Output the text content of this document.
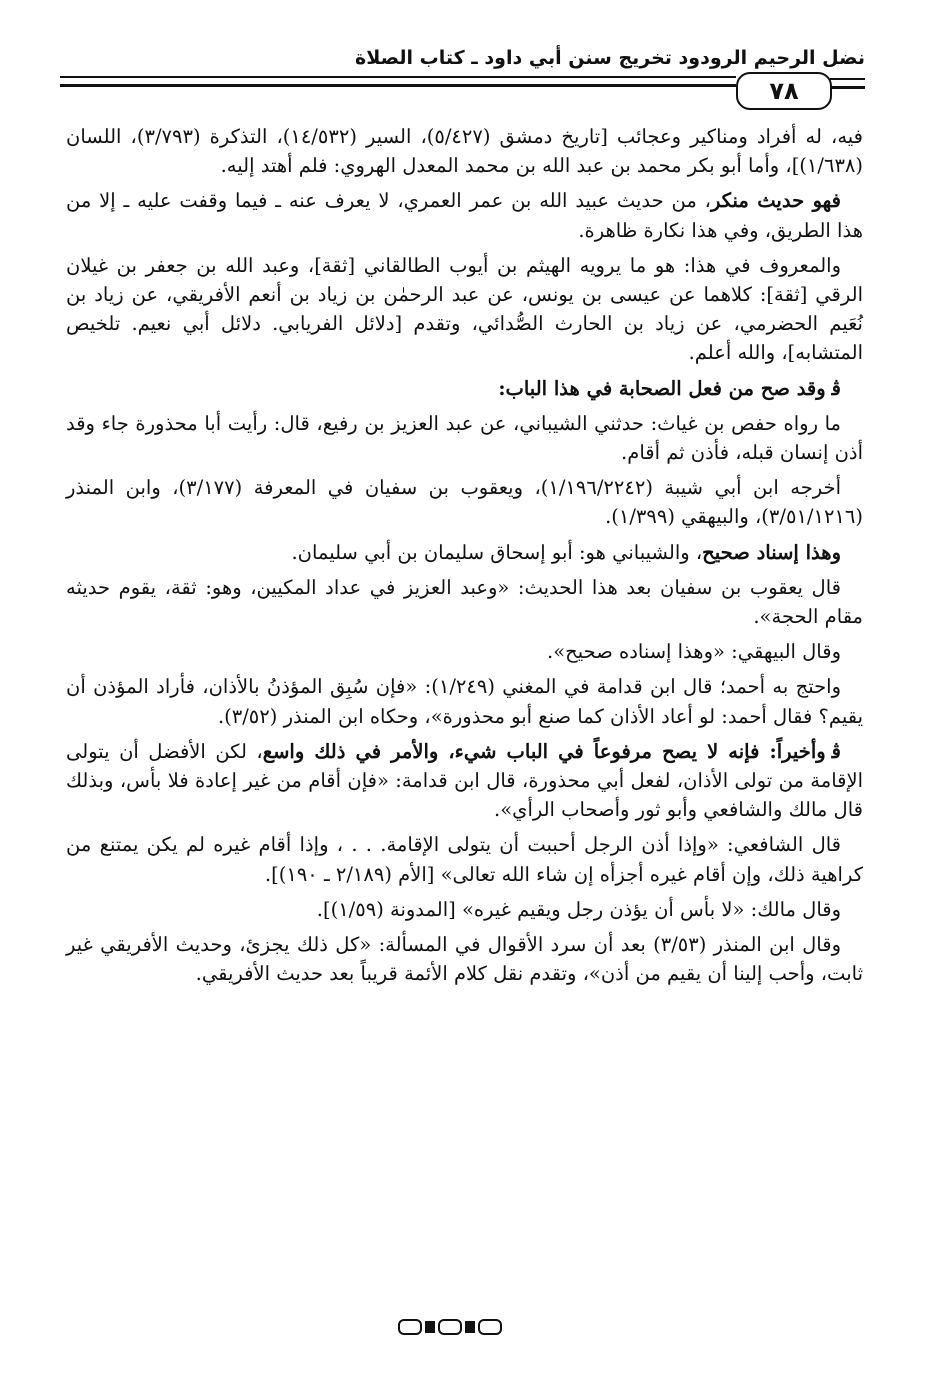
نضل الرحيم الرودود تخريج سنن أبي داود ـ كتاب الصلاة
٧٨

فيه، له أفراد ومناكير وعجائب [تاريخ دمشق (٥/٤٢٧)، السير (١٤/٥٣٢)، التذكرة (٣/٧٩٣)، اللسان (١/٦٣٨)]، وأما أبو بكر محمد بن عبد الله بن محمد المعدل الهروي: فلم أهتد إليه.

فهو حديث منكر، من حديث عبيد الله بن عمر العمري، لا يعرف عنه ـ فيما وقفت عليه ـ إلا من هذا الطريق، وفي هذا نكارة ظاهرة.

والمعروف في هذا: هو ما يرويه الهيثم بن أيوب الطالقاني [ثقة]، وعبد الله بن جعفر بن غيلان الرقي [ثقة]: كلاهما عن عيسى بن يونس، عن عبد الرحمٰن بن زياد بن أنعم الأفريقي، عن زياد بن نُعَيم الحضرمي، عن زياد بن الحارث الصُّدائي، وتقدم [دلائل الفريابي. دلائل أبي نعيم. تلخيص المتشابه]، والله أعلم.

ﭬوقد صح من فعل الصحابة في هذا الباب:

ما رواه حفص بن غياث: حدثني الشيباني، عن عبد العزيز بن رفيع، قال: رأيت أبا محذورة جاء وقد أذن إنسان قبله، فأذن ثم أقام.

أخرجه ابن أبي شيبة (١/١٩٦/٢٢٤٢)، ويعقوب بن سفيان في المعرفة (٣/١٧٧)، وابن المنذر (٣/٥١/١٢١٦)، والبيهقي (١/٣٩٩).

وهذا إسناد صحيح، والشيباني هو: أبو إسحاق سليمان بن أبي سليمان.

قال يعقوب بن سفيان بعد هذا الحديث: «وعبد العزيز في عداد المكيين، وهو: ثقة، يقوم حديثه مقام الحجة».

وقال البيهقي: «وهذا إسناده صحيح».

واحتج به أحمد؛ قال ابن قدامة في المغني (١/٢٤٩): «فإن سُبِق المؤذنُ بالأذان، فأراد المؤذن أن يقيم؟ فقال أحمد: لو أعاد الأذان كما صنع أبو محذورة»، وحكاه ابن المنذر (٣/٥٢).

ﭬوأخيراً: فإنه لا يصح مرفوعاً في الباب شيء، والأمر في ذلك واسع، لكن الأفضل أن يتولى الإقامة من تولى الأذان، لفعل أبي محذورة، قال ابن قدامة: «فإن أقام من غير إعادة فلا بأس، وبذلك قال مالك والشافعي وأبو ثور وأصحاب الرأي».

قال الشافعي: «وإذا أذن الرجل أحببت أن يتولى الإقامة. . . ، وإذا أقام غيره لم يكن يمتنع من كراهية ذلك، وإن أقام غيره أجزأه إن شاء الله تعالى» [الأم (٢/١٨٩ ـ ١٩٠)].

وقال مالك: «لا بأس أن يؤذن رجل ويقيم غيره» [المدونة (١/٥٩)].

وقال ابن المنذر (٣/٥٣) بعد أن سرد الأقوال في المسألة: «كل ذلك يجزئ، وحديث الأفريقي غير ثابت، وأحب إلينا أن يقيم من أذن»، وتقدم نقل كلام الأئمة قريباً بعد حديث الأفريقي.
